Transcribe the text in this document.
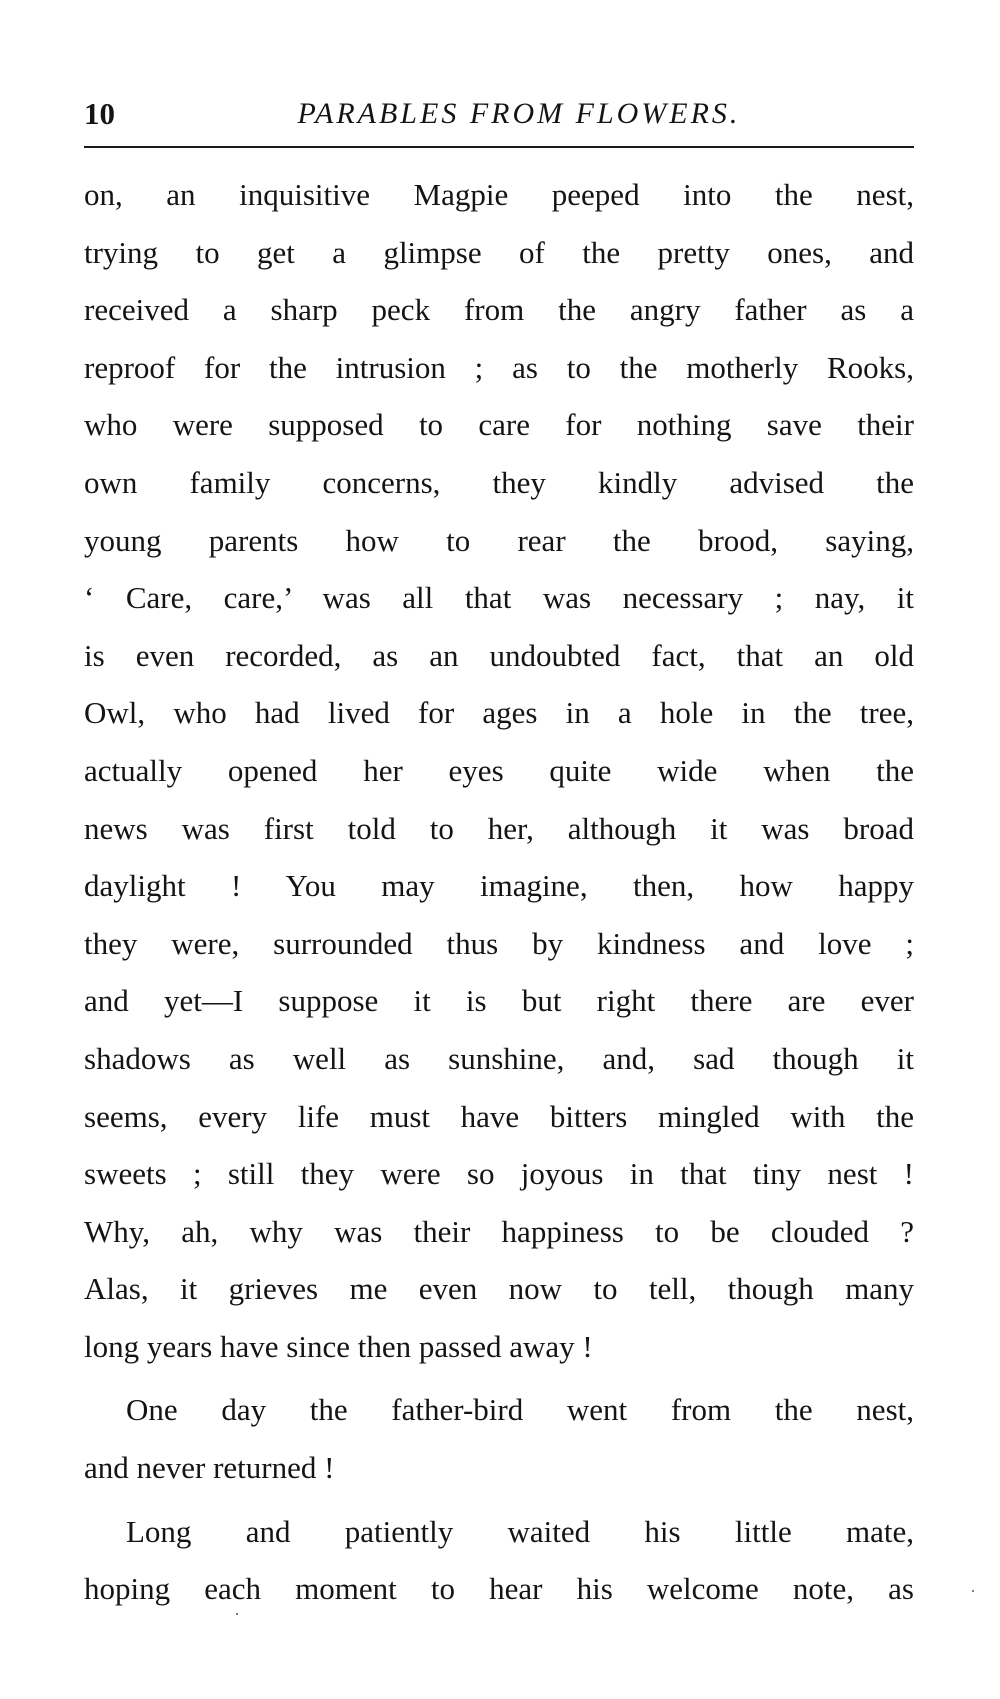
10	PARABLES FROM FLOWERS.
on, an inquisitive Magpie peeped into the nest,
trying to get a glimpse of the pretty ones, and
received a sharp peck from the angry father as a
reproof for the intrusion ; as to the motherly Rooks,
who were supposed to care for nothing save their
own family concerns, they kindly advised the
young parents how to rear the brood, saying,
‘ Care, care,’ was all that was necessary ; nay, it
is even recorded, as an undoubted fact, that an old
Owl, who had lived for ages in a hole in the tree,
actually opened her eyes quite wide when the
news was first told to her, although it was broad
daylight ! You may imagine, then, how happy
they were, surrounded thus by kindness and love ;
and yet—I suppose it is but right there are ever
shadows as well as sunshine, and, sad though it
seems, every life must have bitters mingled with the
sweets ; still they were so joyous in that tiny nest !
Why, ah, why was their happiness to be clouded ?
Alas, it grieves me even now to tell, though many
long years have since then passed away !
One day the father-bird went from the nest,
and never returned !
Long and patiently waited his little mate,
hoping each moment to hear his welcome note, as
